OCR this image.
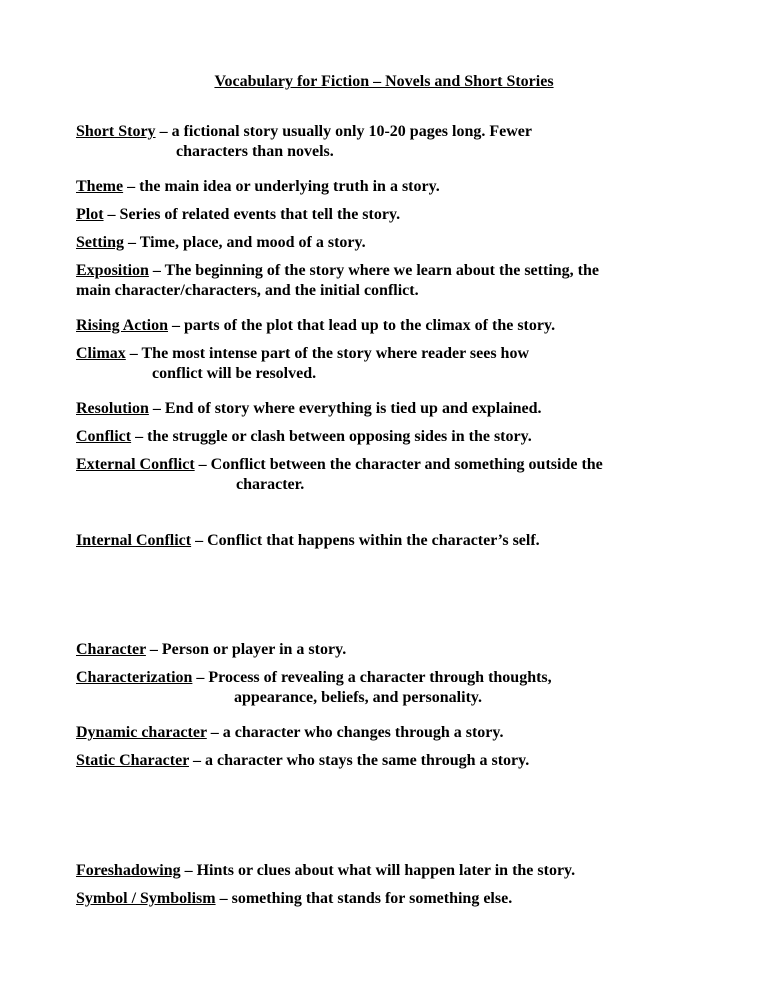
Vocabulary for Fiction – Novels and Short Stories
Short Story – a fictional story usually only 10-20 pages long. Fewer
characters than novels.
Theme – the main idea or underlying truth in a story.
Plot – Series of related events that tell the story.
Setting – Time, place, and mood of a story.
Exposition – The beginning of the story where we learn about the setting, the
main character/characters, and the initial conflict.
Rising Action – parts of the plot that lead up to the climax of the story.
Climax – The most intense part of the story where reader sees how
conflict will be resolved.
Resolution – End of story where everything is tied up and explained.
Conflict – the struggle or clash between opposing sides in the story.
External Conflict – Conflict between the character and something outside the
character.
Internal Conflict – Conflict that happens within the character’s self.
Character – Person or player in a story.
Characterization – Process of revealing a character through thoughts,
appearance, beliefs, and personality.
Dynamic character – a character who changes through a story.
Static Character – a character who stays the same through a story.
Foreshadowing – Hints or clues about what will happen later in the story.
Symbol / Symbolism – something that stands for something else.
